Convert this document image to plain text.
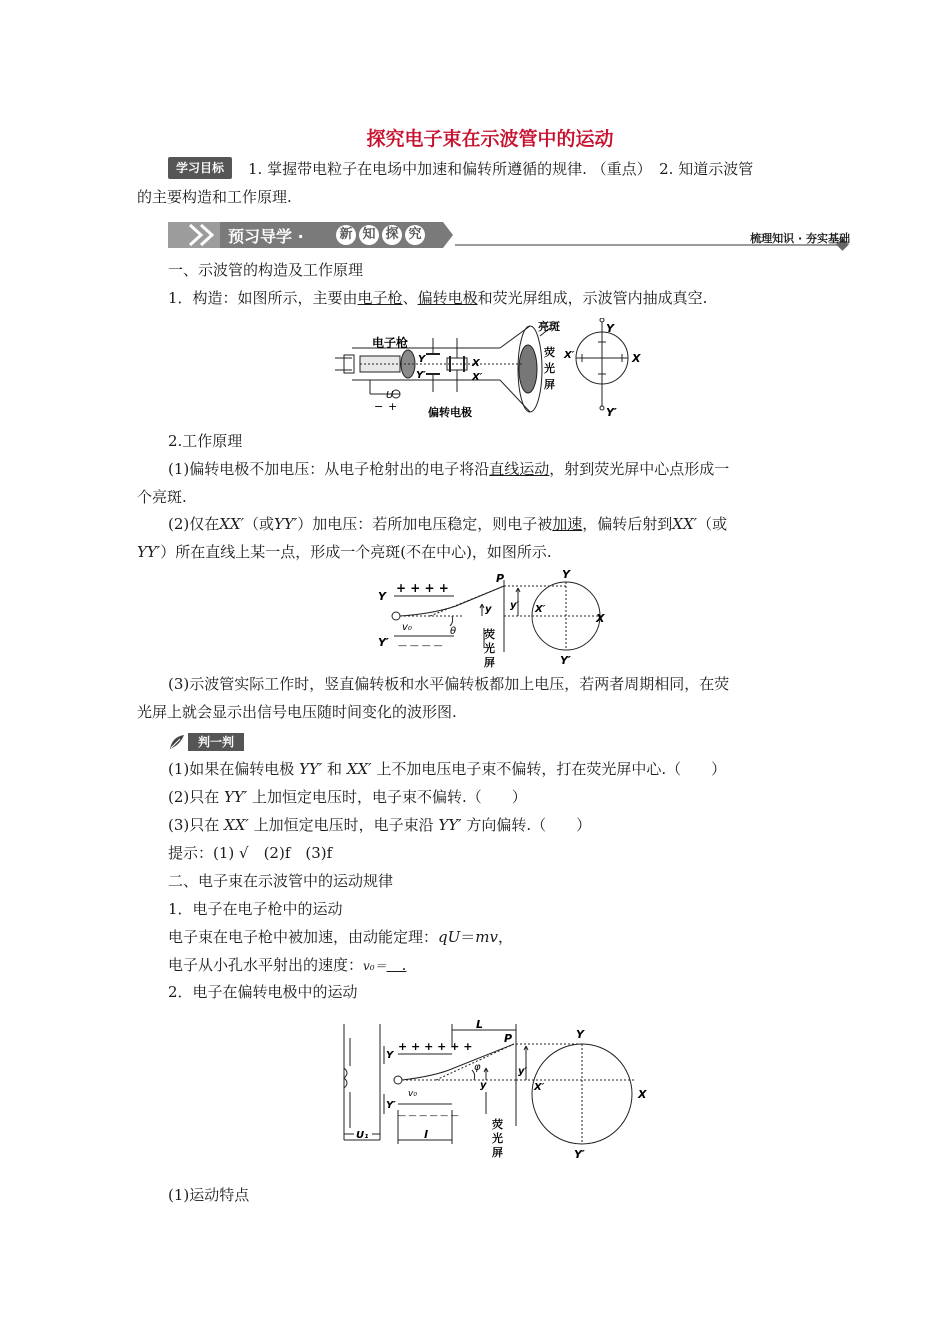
探究电子束在示波管中的运动
学习目标	1. 掌握带电粒子在电场中加速和偏转所遵循的规律. （重点）　2. 知道示波管
的主要构造和工作原理.
预习导学 ·	新 知 探 究	梳理知识 · 夯实基础
一、示波管的构造及工作原理
1．构造：如图所示，主要由电子枪、偏转电极和荧光屏组成，示波管内抽成真空.
电子枪
亮斑
荧
光
屏
偏转电极
Y
Y′
X
X′
U
− +
Y
Y′
X
X′
2.工作原理
(1)偏转电极不加电压：从电子枪射出的电子将沿直线运动，射到荧光屏中心点形成一
个亮斑.
(2)仅在XX′（或YY′）加电压：若所加电压稳定，则电子被加速，偏转后射到XX′（或
YY′）所在直线上某一点，形成一个亮斑(不在中心)，如图所示.
Y
Y′
+ + + +
— — — —
v₀	θ
P
y y′
Y
Y′
X
X′
荧
光
屏
(3)示波管实际工作时，竖直偏转板和水平偏转板都加上电压，若两者周期相同，在荧
光屏上就会显示出信号电压随时间变化的波形图.
判一判
(1)如果在偏转电极 YY′ 和 XX′ 上不加电压电子束不偏转，打在荧光屏中心.（　　）
(2)只在 YY′ 上加恒定电压时，电子束不偏转.（　　）
(3)只在 XX′ 上加恒定电压时，电子束沿 YY′ 方向偏转.（　　）
提示：(1) √　(2)f　(3)f
二、电子束在示波管中的运动规律
1．电子在电子枪中的运动
电子束在电子枪中被加速，由动能定理：qU＝mv，
电子从小孔水平射出的速度：v₀＝　.
2．电子在偏转电极中的运动
L
l
U₁
Y
Y′
+ + + + + +
— — — — — —
v₀
φ
P
y
y′
Y
Y′
X
X′
荧
光
屏
(1)运动特点
